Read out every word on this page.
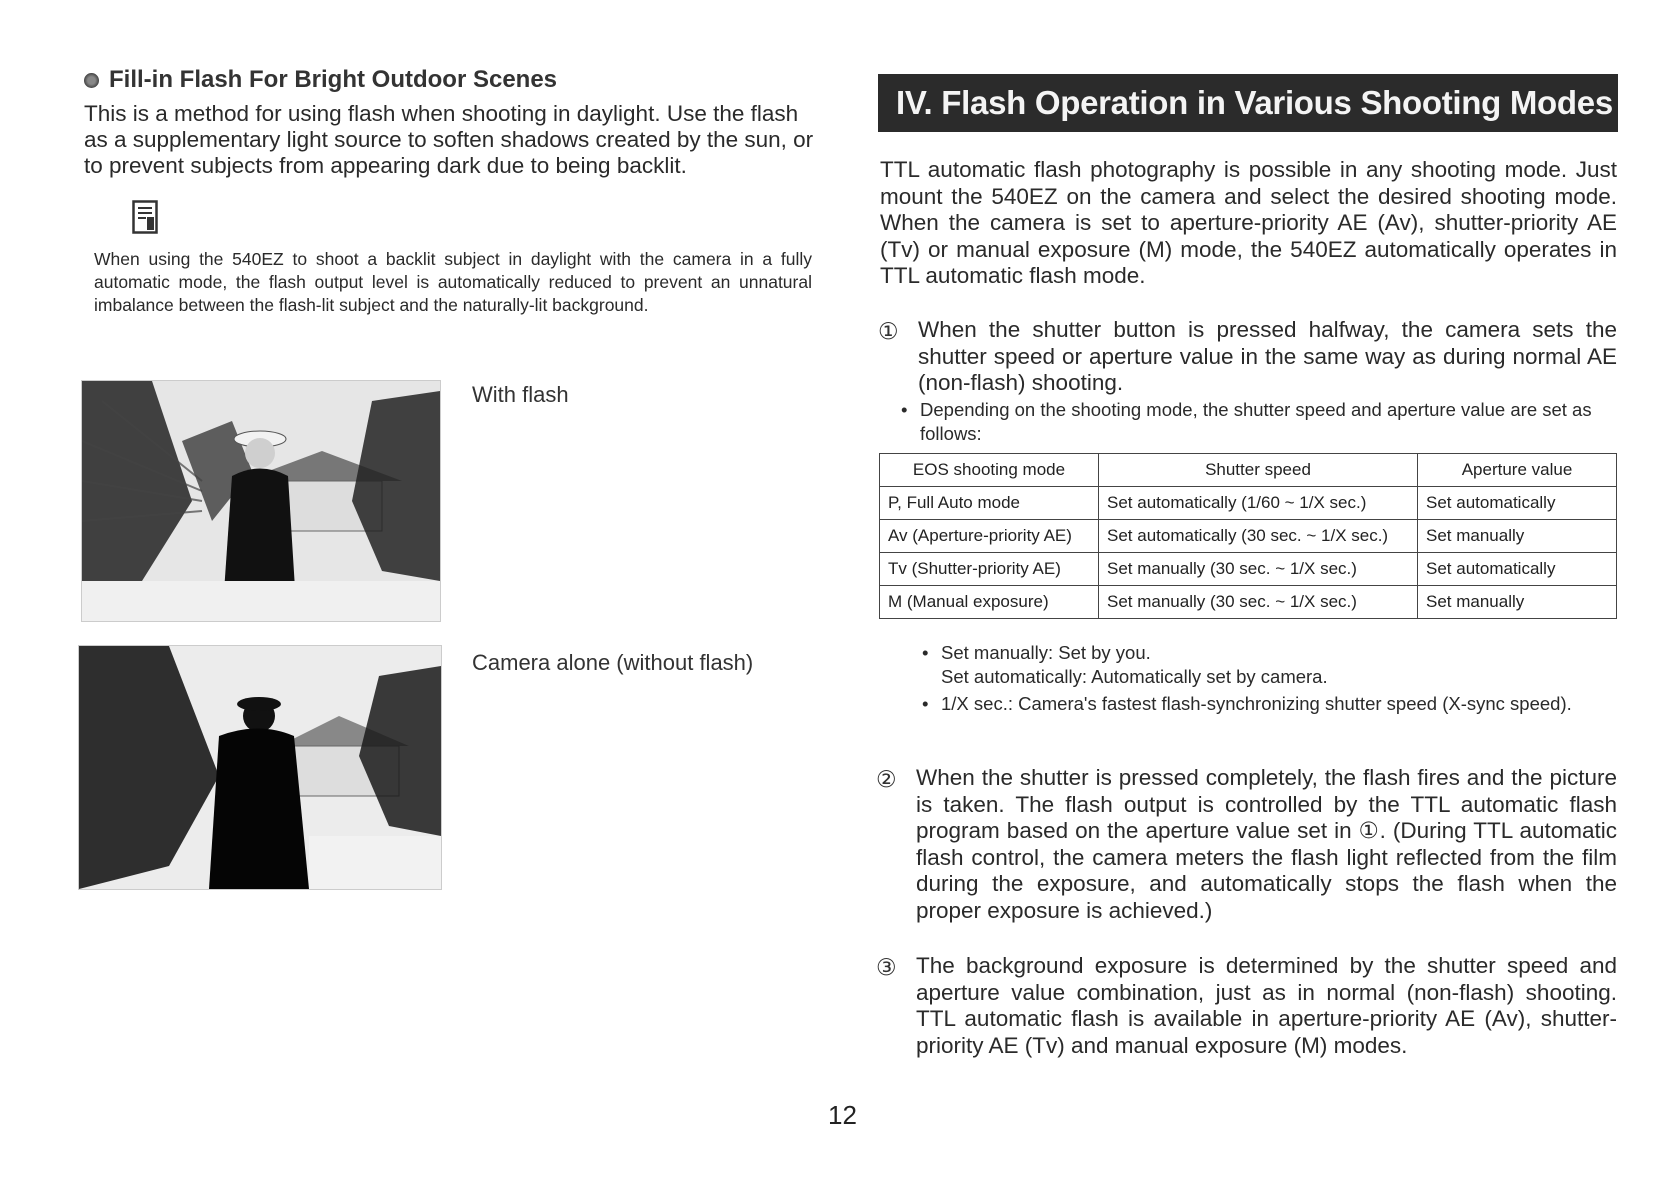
Fill-in Flash For Bright Outdoor Scenes
This is a method for using flash when shooting in daylight. Use the flash as a supplementary light source to soften shadows created by the sun, or to prevent subjects from appearing dark due to being backlit.
When using the 540EZ to shoot a backlit subject in daylight with the camera in a fully automatic mode, the flash output level is automatically reduced to prevent an unnatural imbalance between the flash-lit subject and the naturally-lit background.
With flash
Camera alone (without flash)
IV. Flash Operation in Various Shooting Modes
TTL automatic flash photography is possible in any shooting mode. Just mount the 540EZ on the camera and select the desired shooting mode. When the camera is set to aperture-priority AE (Av), shutter-priority AE (Tv) or manual exposure (M) mode, the 540EZ automatically operates in TTL automatic flash mode.
① When the shutter button is pressed halfway, the camera sets the shutter speed or aperture value in the same way as during normal AE (non-flash) shooting.
• Depending on the shooting mode, the shutter speed and aperture value are set as follows:
EOS shooting mode	Shutter speed	Aperture value
P, Full Auto mode	Set automatically (1/60 ~ 1/X sec.)	Set automatically
Av (Aperture-priority AE)	Set automatically (30 sec. ~ 1/X sec.)	Set manually
Tv (Shutter-priority AE)	Set manually (30 sec. ~ 1/X sec.)	Set automatically
M (Manual exposure)	Set manually (30 sec. ~ 1/X sec.)	Set manually
• Set manually: Set by you.
Set automatically: Automatically set by camera.
• 1/X sec.: Camera's fastest flash-synchronizing shutter speed (X-sync speed).
② When the shutter is pressed completely, the flash fires and the picture is taken. The flash output is controlled by the TTL automatic flash program based on the aperture value set in ①. (During TTL automatic flash control, the camera meters the flash light reflected from the film during the exposure, and automatically stops the flash when the proper exposure is achieved.)
③ The background exposure is determined by the shutter speed and aperture value combination, just as in normal (non-flash) shooting. TTL automatic flash is available in aperture-priority AE (Av), shutter-priority AE (Tv) and manual exposure (M) modes.
12
